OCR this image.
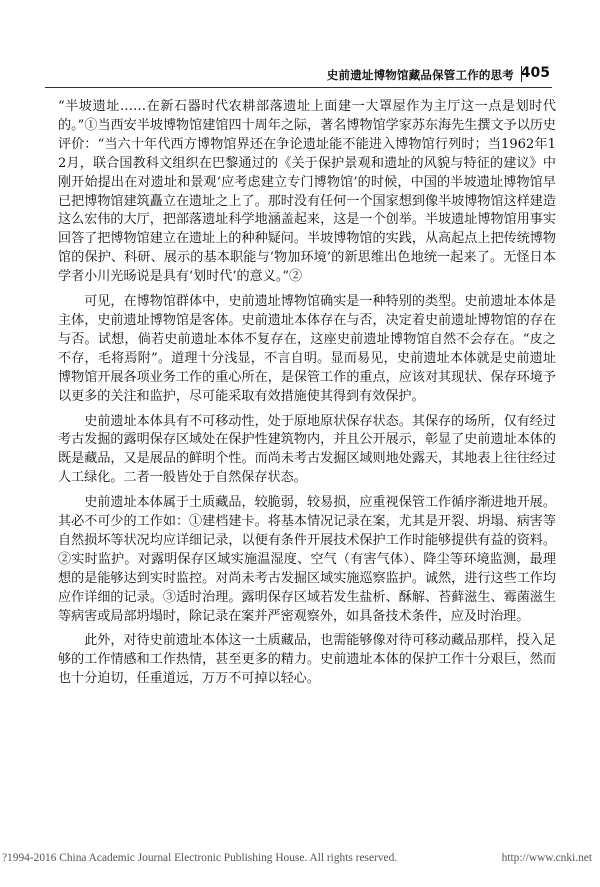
史前遗址博物馆藏品保管工作的思考 405

“半坡遗址……在新石器时代农耕部落遗址上面建一大罩屋作为主厅这一点是划时代的。”①当西安半坡博物馆建馆四十周年之际，著名博物馆学家苏东海先生撰文予以历史评价：“当六十年代西方博物馆界还在争论遗址能不能进入博物馆行列时；当1962年12月，联合国教科文组织在巴黎通过的《关于保护景观和遗址的风貌与特征的建议》中刚开始提出在对遗址和景观‘应考虑建立专门博物馆’的时候，中国的半坡遗址博物馆早已把博物馆建筑矗立在遗址之上了。那时没有任何一个国家想到像半坡博物馆这样建造这么宏伟的大厅，把部落遗址科学地涵盖起来，这是一个创举。半坡遗址博物馆用事实回答了把博物馆建立在遗址上的种种疑问。半坡博物馆的实践，从高起点上把传统博物馆的保护、科研、展示的基本职能与‘物加环境’的新思维出色地统一起来了。无怪日本学者小川光旸说是具有‘划时代’的意义。”②

可见，在博物馆群体中，史前遗址博物馆确实是一种特别的类型。史前遗址本体是主体，史前遗址博物馆是客体。史前遗址本体存在与否，决定着史前遗址博物馆的存在与否。试想，倘若史前遗址本体不复存在，这座史前遗址博物馆自然不会存在。“皮之不存，毛将焉附”。道理十分浅显，不言自明。显而易见，史前遗址本体就是史前遗址博物馆开展各项业务工作的重心所在，是保管工作的重点，应该对其现状、保存环境予以更多的关注和监护，尽可能采取有效措施使其得到有效保护。

史前遗址本体具有不可移动性，处于原地原状保存状态。其保存的场所，仅有经过考古发掘的露明保存区域处在保护性建筑物内，并且公开展示，彰显了史前遗址本体的既是藏品，又是展品的鲜明个性。而尚未考古发掘区域则地处露天，其地表上往往经过人工绿化。二者一般皆处于自然保存状态。

史前遗址本体属于土质藏品，较脆弱，较易损，应重视保管工作循序渐进地开展。其必不可少的工作如：①建档建卡。将基本情况记录在案，尤其是开裂、坍塌、病害等自然损坏等状况均应详细记录，以便有条件开展技术保护工作时能够提供有益的资料。②实时监护。对露明保存区域实施温湿度、空气（有害气体）、降尘等环境监测，最理想的是能够达到实时监控。对尚未考古发掘区域实施巡察监护。诚然，进行这些工作均应作详细的记录。③适时治理。露明保存区域若发生盐析、酥解、苔藓滋生、霉菌滋生等病害或局部坍塌时，除记录在案并严密观察外，如具备技术条件，应及时治理。

此外，对待史前遗址本体这一土质藏品，也需能够像对待可移动藏品那样，投入足够的工作情感和工作热情，甚至更多的精力。史前遗址本体的保护工作十分艰巨，然而也十分迫切，任重道远，万万不可掉以轻心。

?1994-2016 China Academic Journal Electronic Publishing House. All rights reserved.	http://www.cnki.net
